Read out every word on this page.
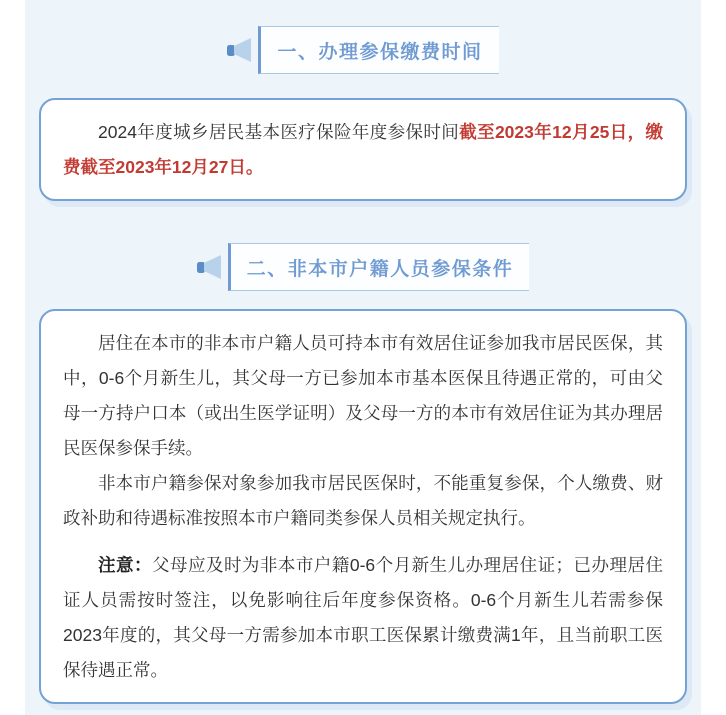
一、办理参保缴费时间

2024年度城乡居民基本医疗保险年度参保时间截至2023年12月25日，缴费截至2023年12月27日。

二、非本市户籍人员参保条件

居住在本市的非本市户籍人员可持本市有效居住证参加我市居民医保，其中，0-6个月新生儿，其父母一方已参加本市基本医保且待遇正常的，可由父母一方持户口本（或出生医学证明）及父母一方的本市有效居住证为其办理居民医保参保手续。

非本市户籍参保对象参加我市居民医保时，不能重复参保，个人缴费、财政补助和待遇标准按照本市户籍同类参保人员相关规定执行。

注意：父母应及时为非本市户籍0-6个月新生儿办理居住证；已办理居住证人员需按时签注，以免影响往后年度参保资格。0-6个月新生儿若需参保2023年度的，其父母一方需参加本市职工医保累计缴费满1年，且当前职工医保待遇正常。
